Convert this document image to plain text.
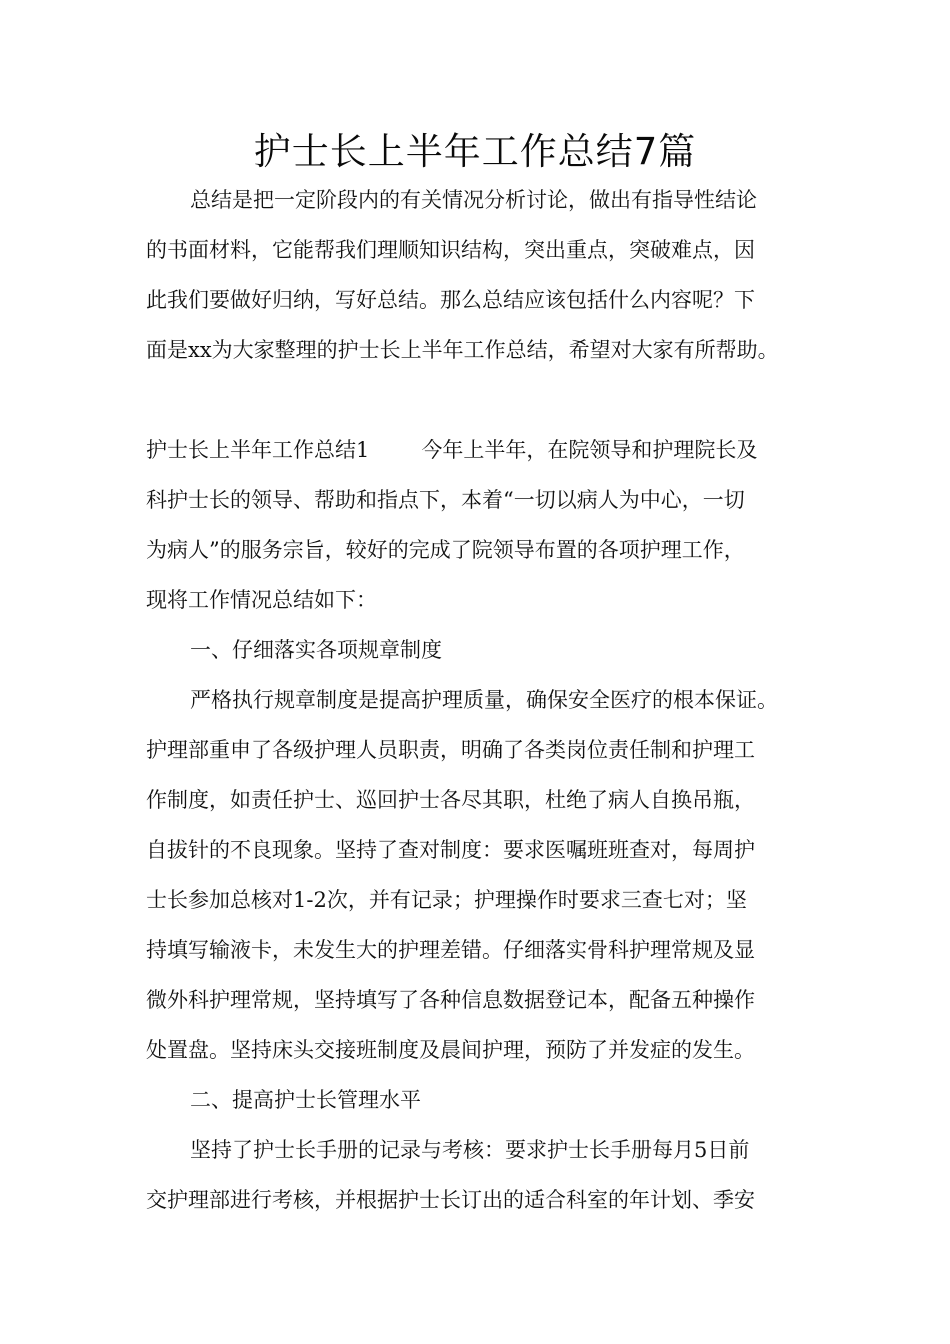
护士长上半年工作总结7篇
总结是把一定阶段内的有关情况分析讨论，做出有指导性结论
的书面材料，它能帮我们理顺知识结构，突出重点，突破难点，因
此我们要做好归纳，写好总结。那么总结应该包括什么内容呢？下
面是xx为大家整理的护士长上半年工作总结，希望对大家有所帮助。
护士长上半年工作总结1 今年上半年，在院领导和护理院长及
科护士长的领导、帮助和指点下，本着“一切以病人为中心，一切
为病人”的服务宗旨，较好的完成了院领导布置的各项护理工作，
现将工作情况总结如下：
一、仔细落实各项规章制度
严格执行规章制度是提高护理质量，确保安全医疗的根本保证。
护理部重申了各级护理人员职责，明确了各类岗位责任制和护理工
作制度，如责任护士、巡回护士各尽其职，杜绝了病人自换吊瓶，
自拔针的不良现象。坚持了查对制度：要求医嘱班班查对，每周护
士长参加总核对1-2次，并有记录；护理操作时要求三查七对；坚
持填写输液卡，未发生大的护理差错。仔细落实骨科护理常规及显
微外科护理常规，坚持填写了各种信息数据登记本，配备五种操作
处置盘。坚持床头交接班制度及晨间护理，预防了并发症的发生。
二、提高护士长管理水平
坚持了护士长手册的记录与考核：要求护士长手册每月5日前
交护理部进行考核，并根据护士长订出的适合科室的年计划、季安
